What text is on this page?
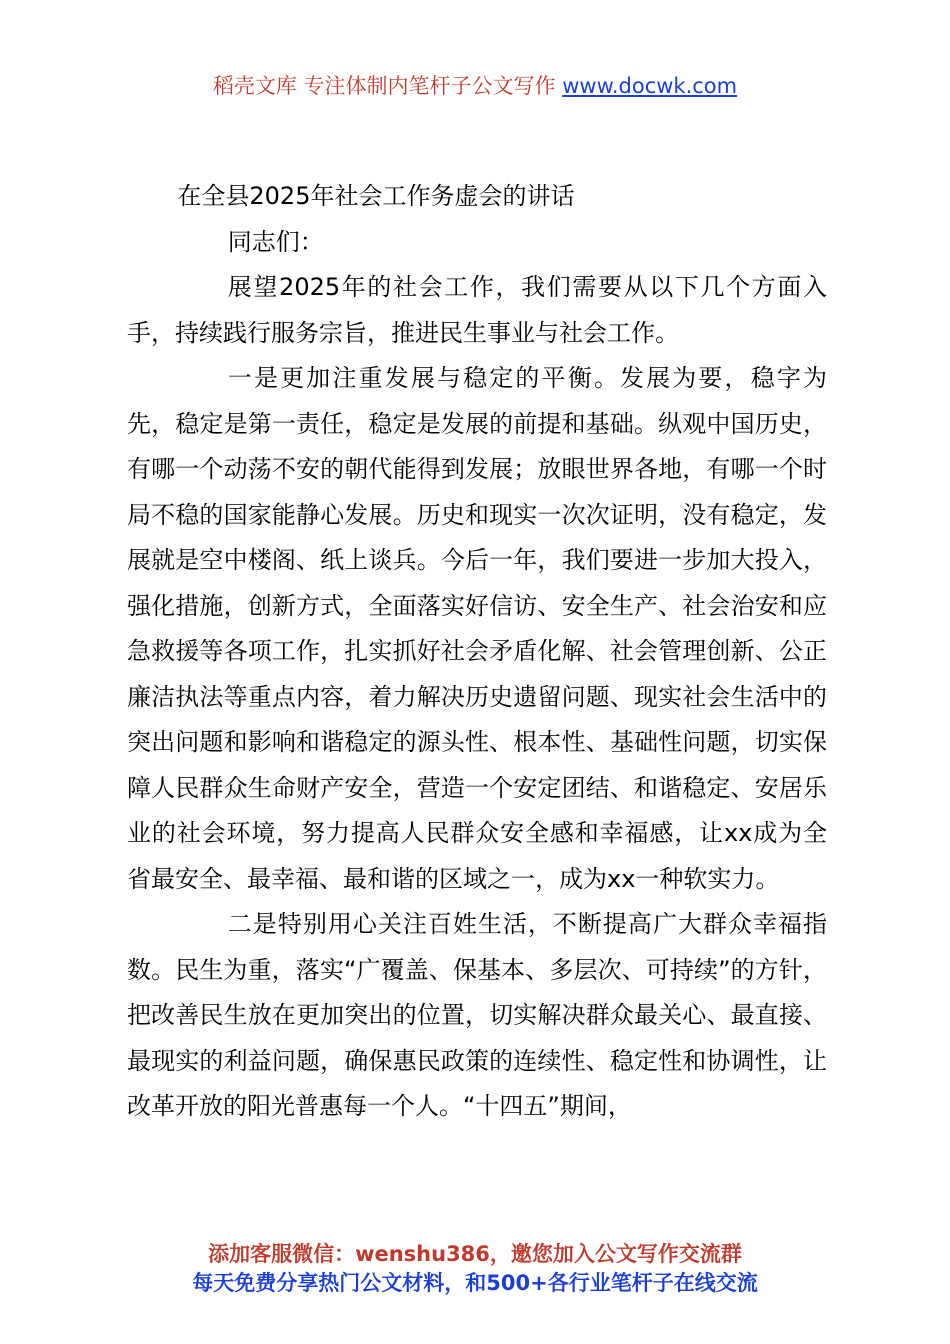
稻壳文库 专注体制内笔杆子公文写作 www.docwk.com

在全县2025年社会工作务虚会的讲话

同志们：

展望2025年的社会工作，我们需要从以下几个方面入手，持续践行服务宗旨，推进民生事业与社会工作。

一是更加注重发展与稳定的平衡。发展为要，稳字为先，稳定是第一责任，稳定是发展的前提和基础。纵观中国历史，有哪一个动荡不安的朝代能得到发展；放眼世界各地，有哪一个时局不稳的国家能静心发展。历史和现实一次次证明，没有稳定，发展就是空中楼阁、纸上谈兵。今后一年，我们要进一步加大投入，强化措施，创新方式，全面落实好信访、安全生产、社会治安和应急救援等各项工作，扎实抓好社会矛盾化解、社会管理创新、公正廉洁执法等重点内容，着力解决历史遗留问题、现实社会生活中的突出问题和影响和谐稳定的源头性、根本性、基础性问题，切实保障人民群众生命财产安全，营造一个安定团结、和谐稳定、安居乐业的社会环境，努力提高人民群众安全感和幸福感，让xx成为全省最安全、最幸福、最和谐的区域之一，成为xx一种软实力。

二是特别用心关注百姓生活，不断提高广大群众幸福指数。民生为重，落实“广覆盖、保基本、多层次、可持续”的方针，把改善民生放在更加突出的位置，切实解决群众最关心、最直接、最现实的利益问题，确保惠民政策的连续性、稳定性和协调性，让改革开放的阳光普惠每一个人。“十四五”期间，

添加客服微信：wenshu386，邀您加入公文写作交流群
每天免费分享热门公文材料，和500+各行业笔杆子在线交流
